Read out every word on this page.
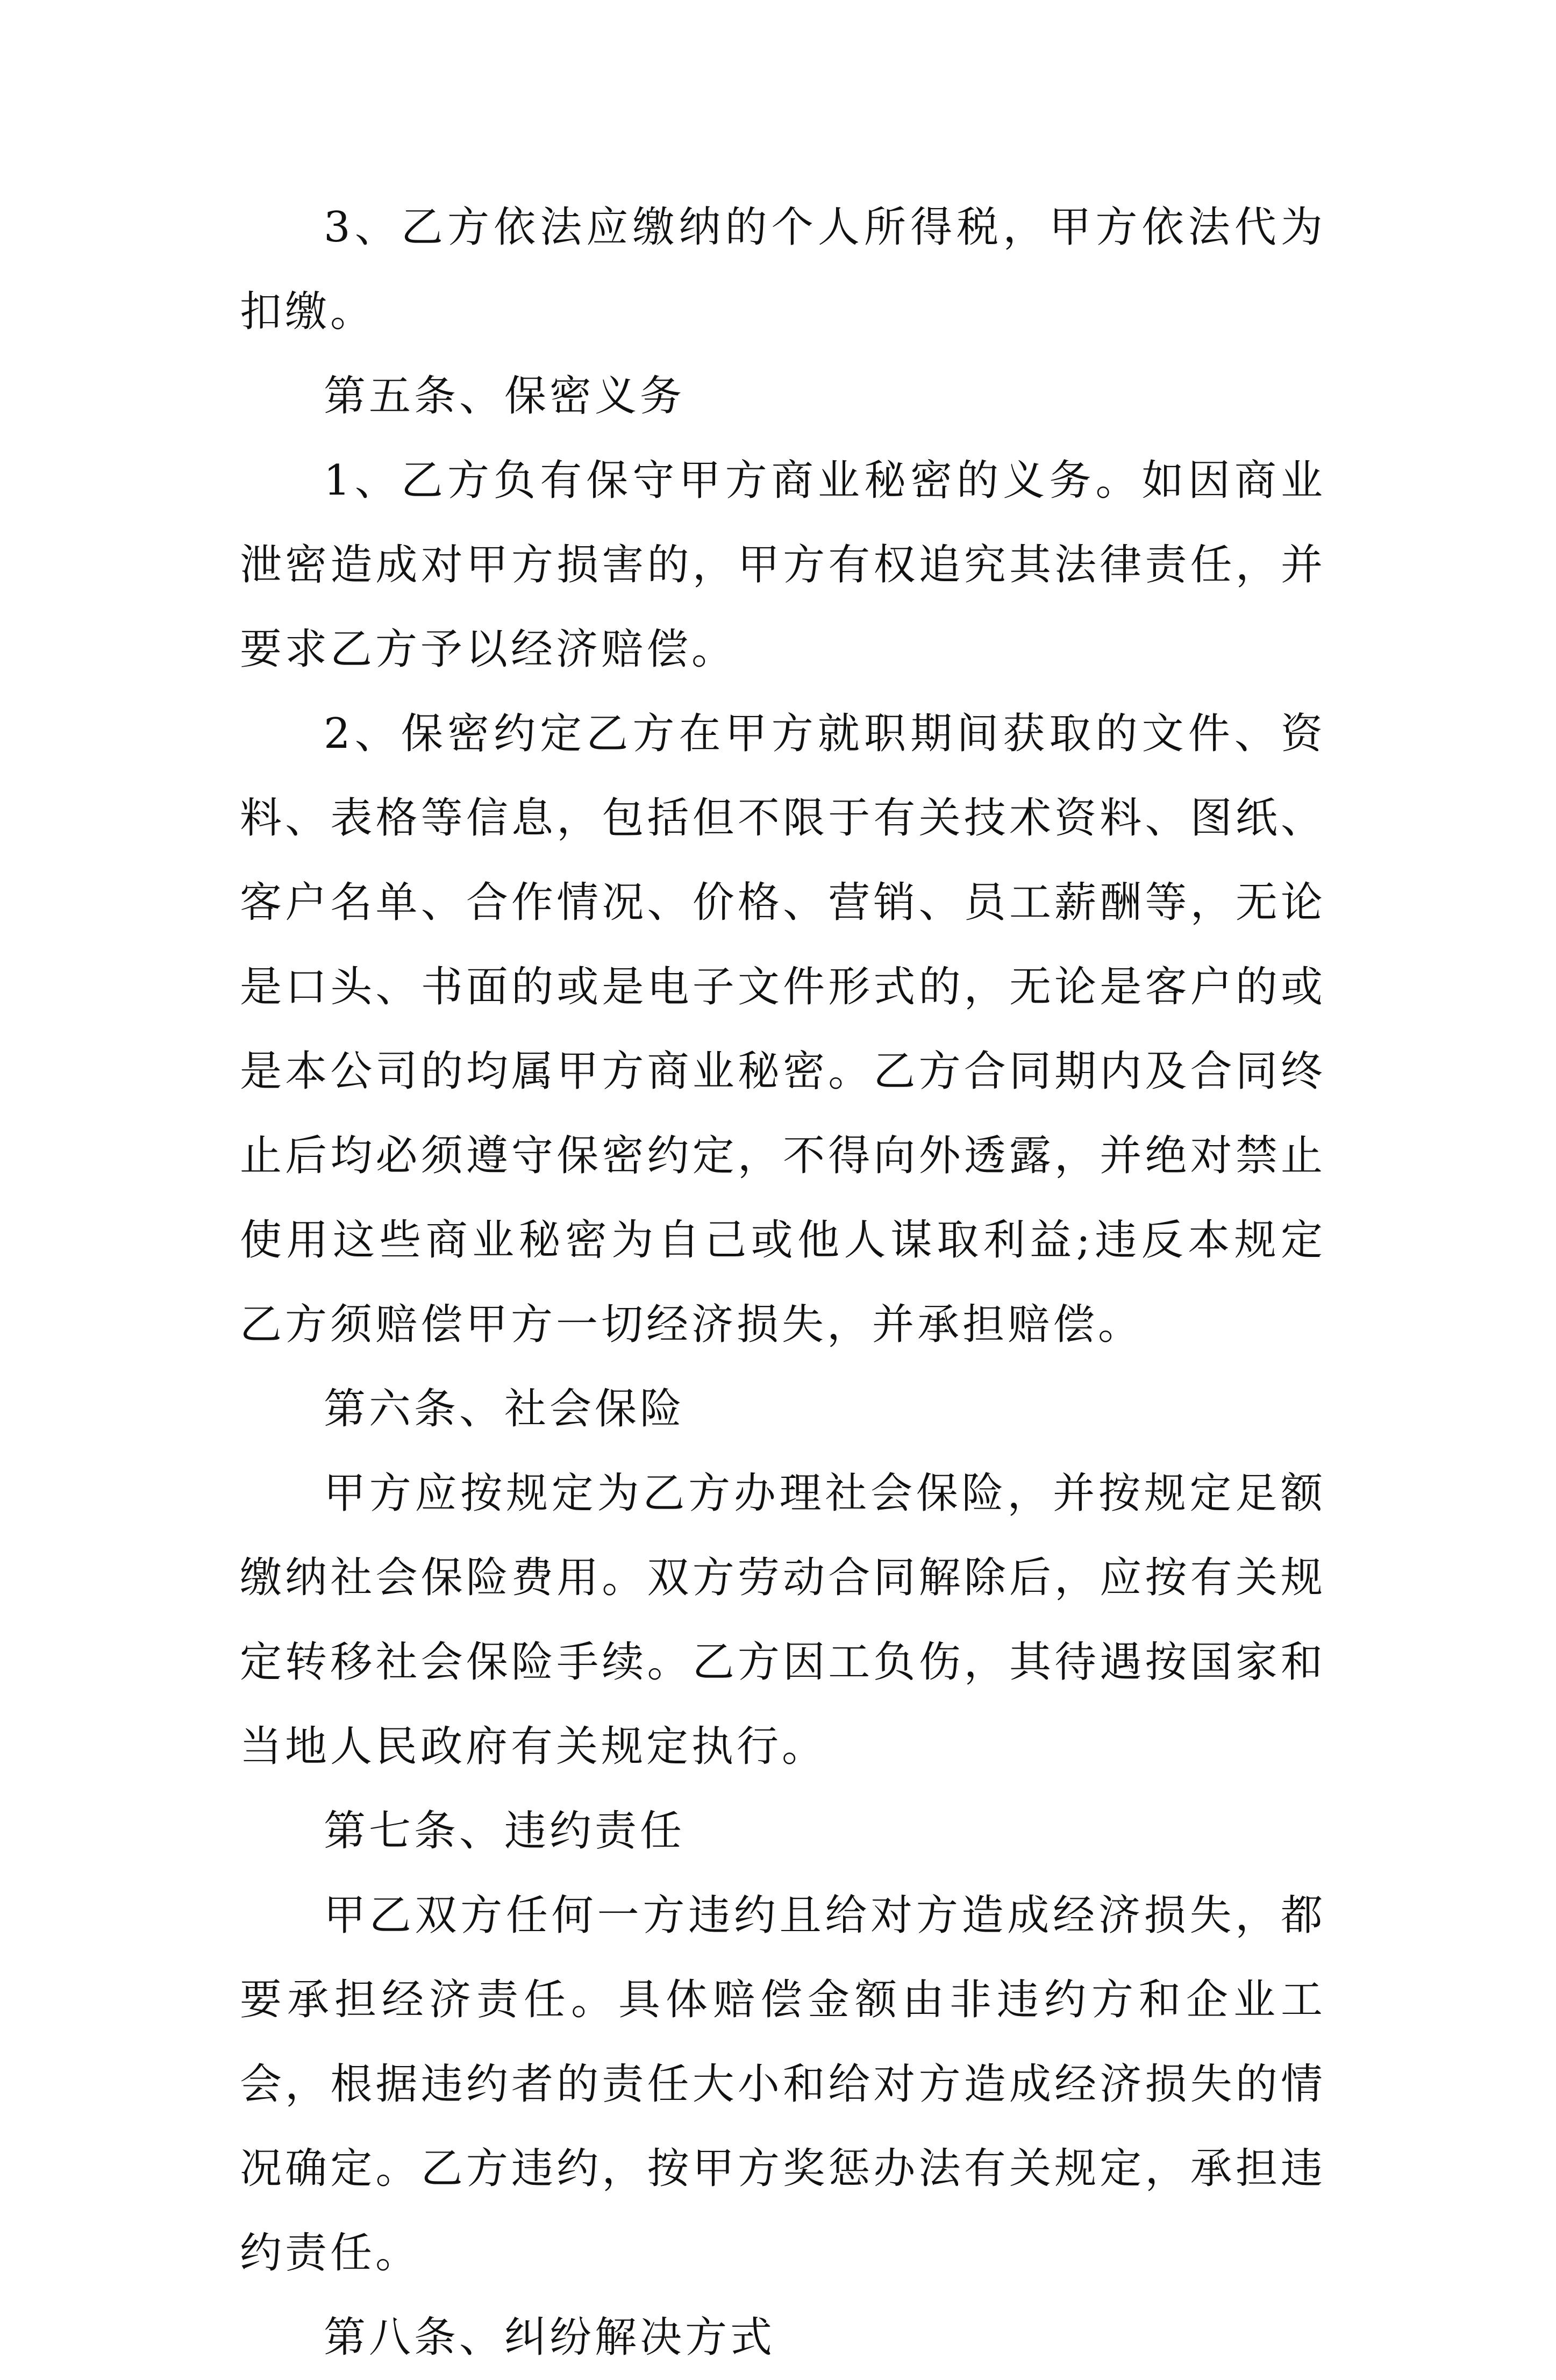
3、乙方依法应缴纳的个人所得税，甲方依法代为扣缴。

第五条、保密义务

1、乙方负有保守甲方商业秘密的义务。如因商业泄密造成对甲方损害的，甲方有权追究其法律责任，并要求乙方予以经济赔偿。

2、保密约定乙方在甲方就职期间获取的文件、资料、表格等信息，包括但不限于有关技术资料、图纸、客户名单、合作情况、价格、营销、员工薪酬等，无论是口头、书面的或是电子文件形式的，无论是客户的或是本公司的均属甲方商业秘密。乙方合同期内及合同终止后均必须遵守保密约定，不得向外透露，并绝对禁止使用这些商业秘密为自己或他人谋取利益;违反本规定乙方须赔偿甲方一切经济损失，并承担赔偿。

第六条、社会保险

甲方应按规定为乙方办理社会保险，并按规定足额缴纳社会保险费用。双方劳动合同解除后，应按有关规定转移社会保险手续。乙方因工负伤，其待遇按国家和当地人民政府有关规定执行。

第七条、违约责任

甲乙双方任何一方违约且给对方造成经济损失，都要承担经济责任。具体赔偿金额由非违约方和企业工会，根据违约者的责任大小和给对方造成经济损失的情况确定。乙方违约，按甲方奖惩办法有关规定，承担违约责任。

第八条、纠纷解决方式
